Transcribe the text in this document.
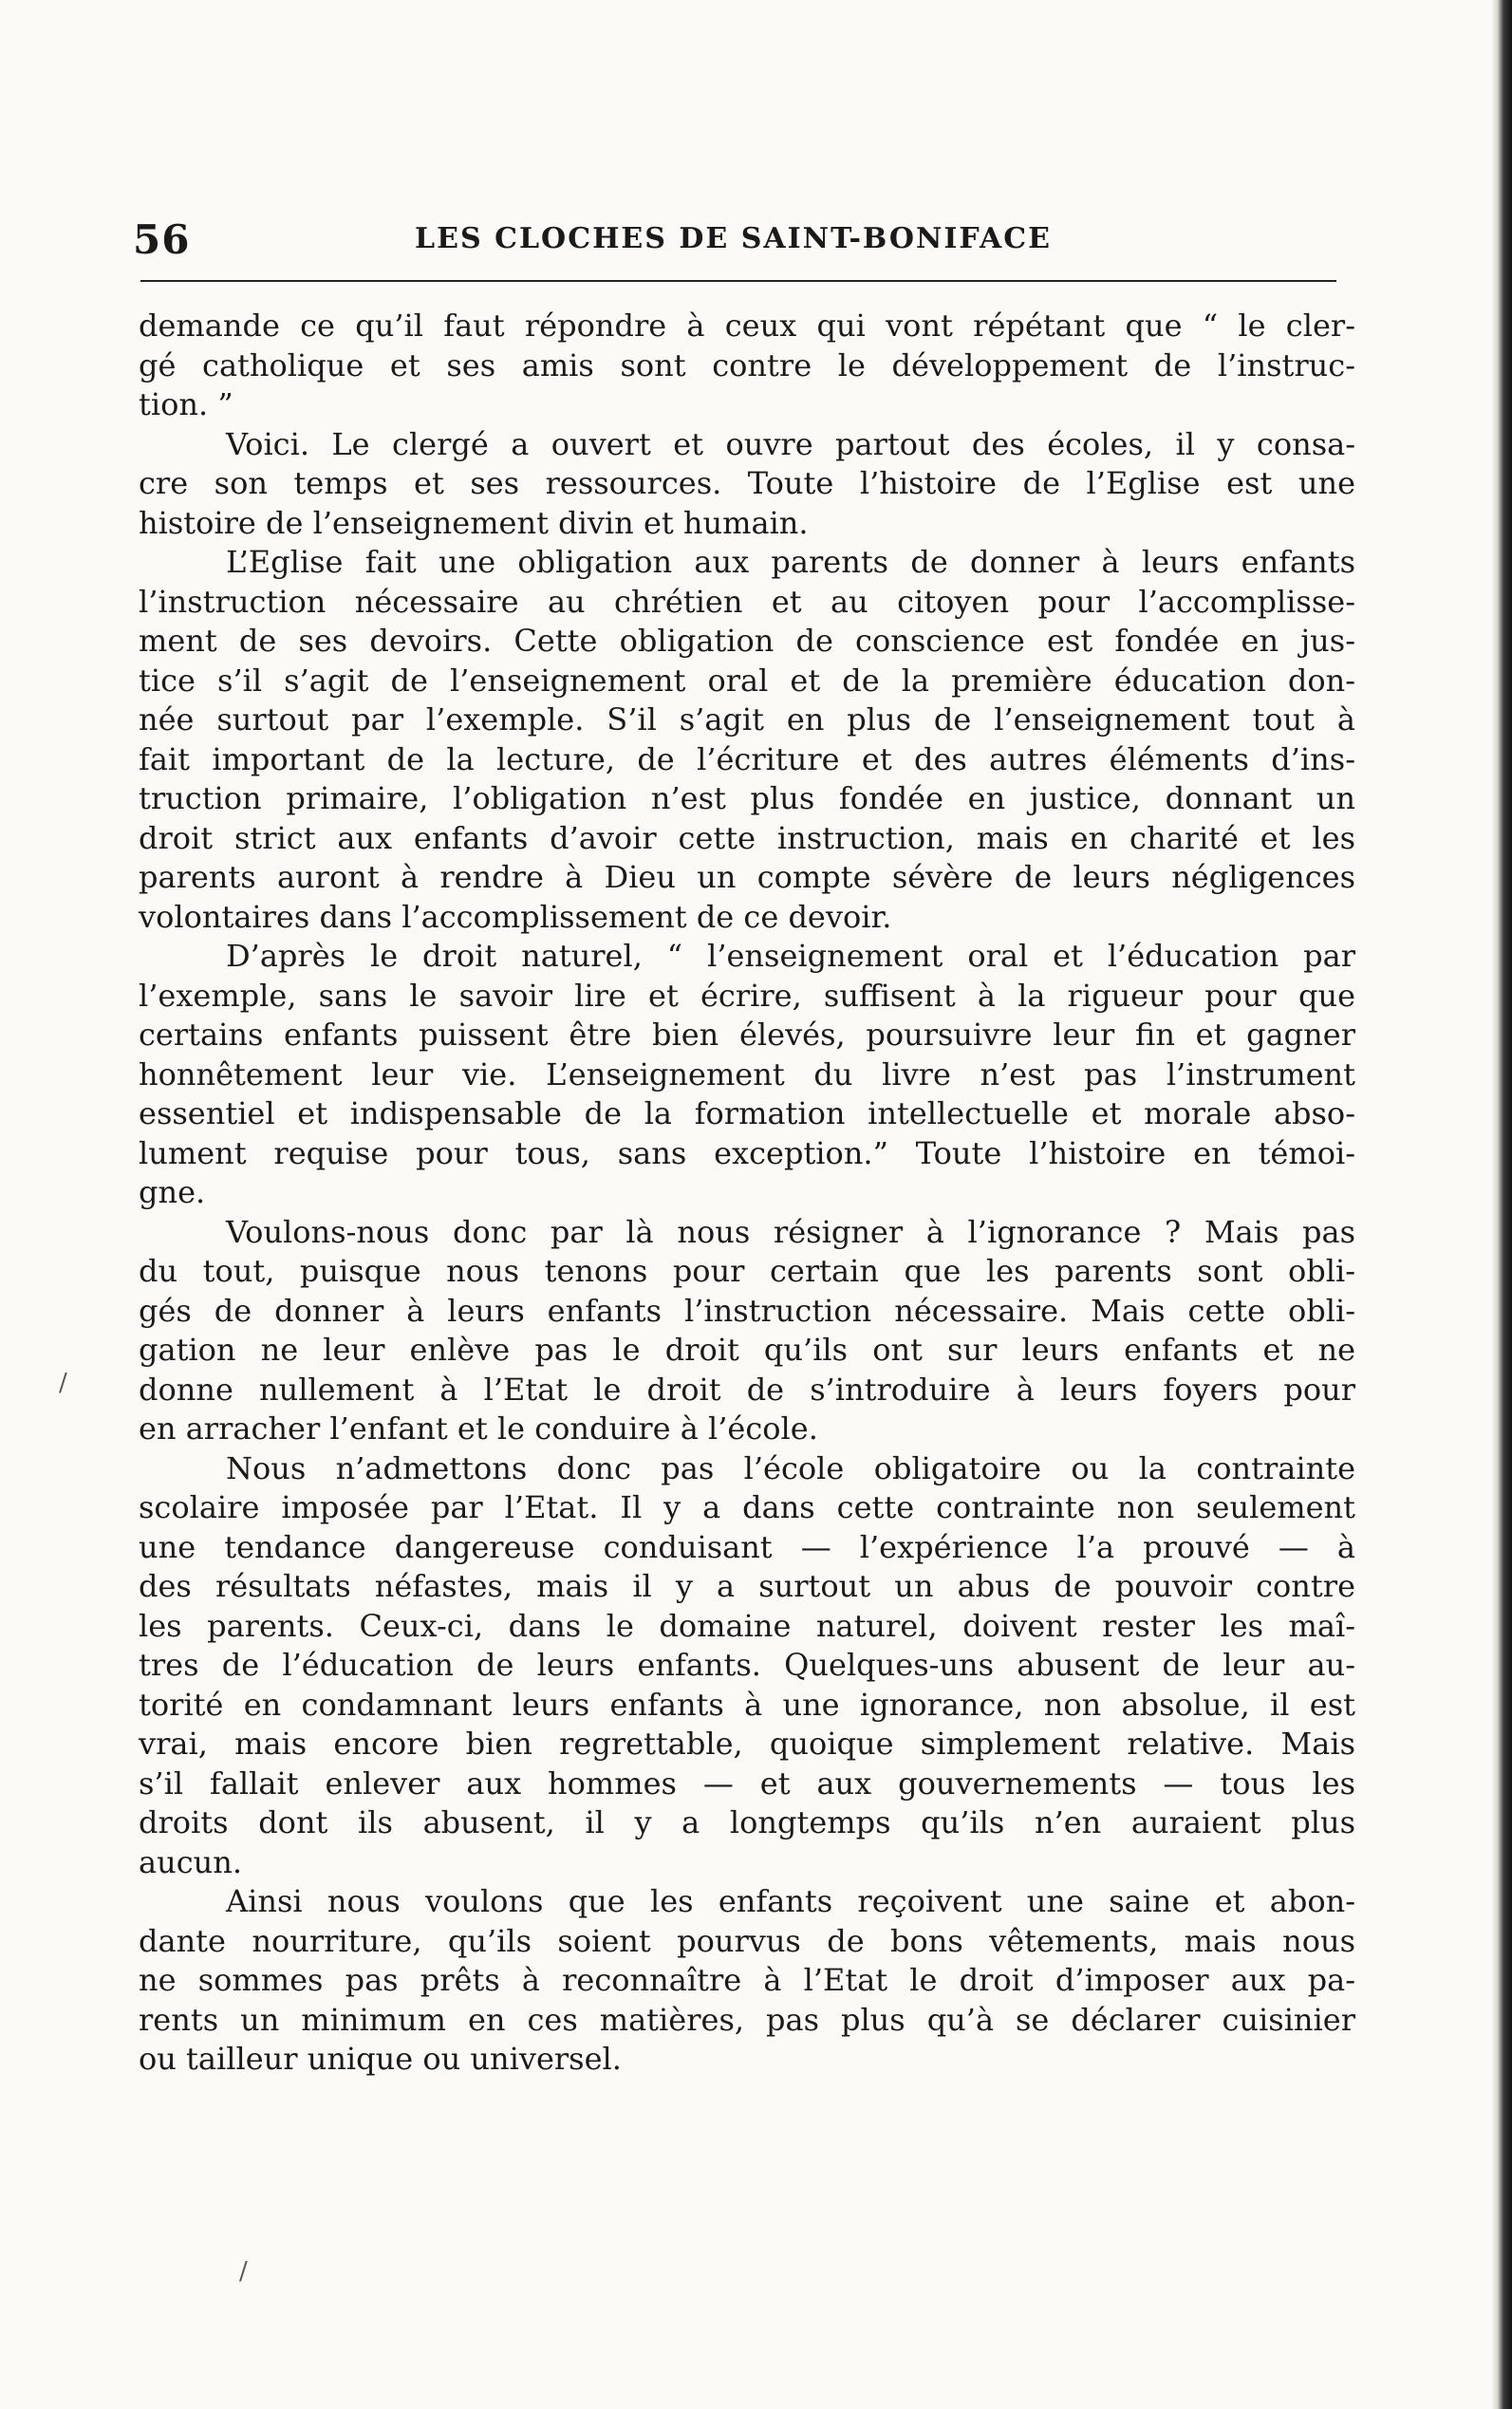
56	LES CLOCHES DE SAINT-BONIFACE
/
/
demande ce qu’il faut répondre à ceux qui vont répétant que “ le cler-
gé catholique et ses amis sont contre le développement de l’instruc-
tion. ”
Voici. Le clergé a ouvert et ouvre partout des écoles, il y consa-
cre son temps et ses ressources. Toute l’histoire de l’Eglise est une
histoire de l’enseignement divin et humain.
L’Eglise fait une obligation aux parents de donner à leurs enfants
l’instruction nécessaire au chrétien et au citoyen pour l’accomplisse-
ment de ses devoirs. Cette obligation de conscience est fondée en jus-
tice s’il s’agit de l’enseignement oral et de la première éducation don-
née surtout par l’exemple. S’il s’agit en plus de l’enseignement tout à
fait important de la lecture, de l’écriture et des autres éléments d’ins-
truction primaire, l’obligation n’est plus fondée en justice, donnant un
droit strict aux enfants d’avoir cette instruction, mais en charité et les
parents auront à rendre à Dieu un compte sévère de leurs négligences
volontaires dans l’accomplissement de ce devoir.
D’après le droit naturel, “ l’enseignement oral et l’éducation par
l’exemple, sans le savoir lire et écrire, suffisent à la rigueur pour que
certains enfants puissent être bien élevés, poursuivre leur fin et gagner
honnêtement leur vie. L’enseignement du livre n’est pas l’instrument
essentiel et indispensable de la formation intellectuelle et morale abso-
lument requise pour tous, sans exception.” Toute l’histoire en témoi-
gne.
Voulons-nous donc par là nous résigner à l’ignorance ? Mais pas
du tout, puisque nous tenons pour certain que les parents sont obli-
gés de donner à leurs enfants l’instruction nécessaire. Mais cette obli-
gation ne leur enlève pas le droit qu’ils ont sur leurs enfants et ne
donne nullement à l’Etat le droit de s’introduire à leurs foyers pour
en arracher l’enfant et le conduire à l’école.
Nous n’admettons donc pas l’école obligatoire ou la contrainte
scolaire imposée par l’Etat. Il y a dans cette contrainte non seulement
une tendance dangereuse conduisant — l’expérience l’a prouvé — à
des résultats néfastes, mais il y a surtout un abus de pouvoir contre
les parents. Ceux-ci, dans le domaine naturel, doivent rester les maî-
tres de l’éducation de leurs enfants. Quelques-uns abusent de leur au-
torité en condamnant leurs enfants à une ignorance, non absolue, il est
vrai, mais encore bien regrettable, quoique simplement relative. Mais
s’il fallait enlever aux hommes — et aux gouvernements — tous les
droits dont ils abusent, il y a longtemps qu’ils n’en auraient plus
aucun.
Ainsi nous voulons que les enfants reçoivent une saine et abon-
dante nourriture, qu’ils soient pourvus de bons vêtements, mais nous
ne sommes pas prêts à reconnaître à l’Etat le droit d’imposer aux pa-
rents un minimum en ces matières, pas plus qu’à se déclarer cuisinier
ou tailleur unique ou universel.
